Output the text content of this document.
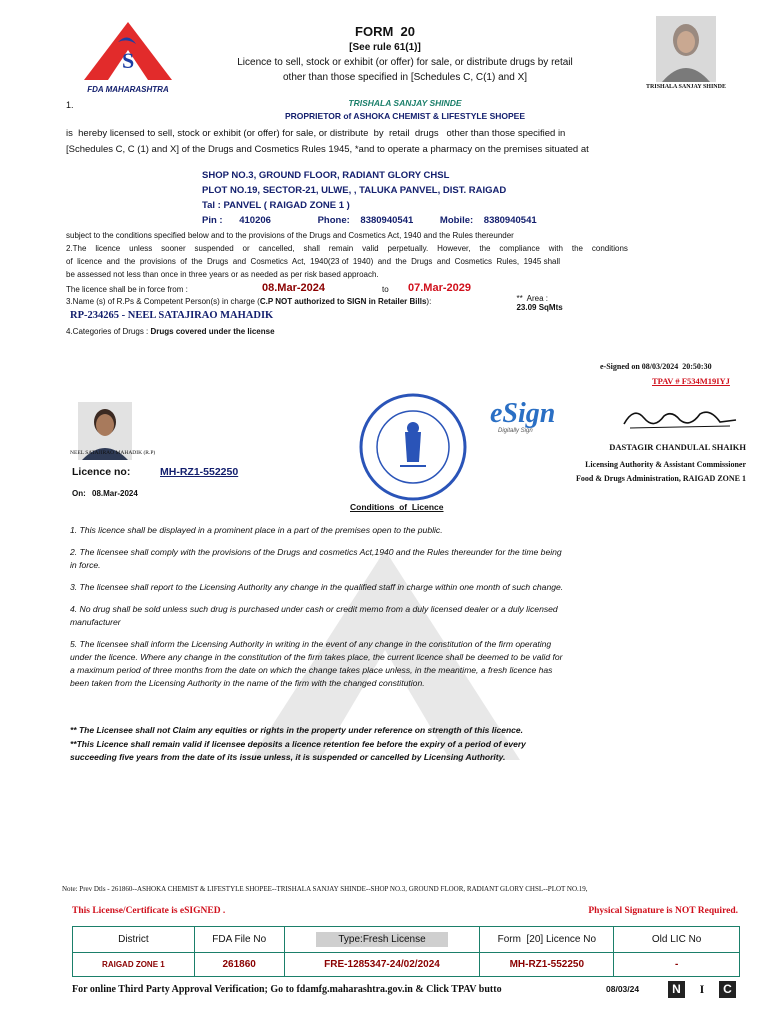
S
FDA MAHARASHTRA
FORM  20
[See rule 61(1)]
Licence to sell, stock or exhibit (or offer) for sale, or distribute drugs by retail
other than those specified in [Schedules C, C(1) and X]
TRISHALA SANJAY SHINDE
1.	TRISHALA SANJAY SHINDE
PROPRIETOR of ASHOKA CHEMIST & LIFESTYLE SHOPEE
is  hereby licensed to sell, stock or exhibit (or offer) for sale, or distribute  by  retail  drugs   other than those specified in
[Schedules C, C (1) and X] of the Drugs and Cosmetics Rules 1945, *and to operate a pharmacy on the premises situated at
SHOP NO.3, GROUND FLOOR, RADIANT GLORY CHSL
PLOT NO.19, SECTOR-21, ULWE, , TALUKA PANVEL, DIST. RAIGAD
Tal : PANVEL ( RAIGAD ZONE 1 )
Pin : 410206	Phone: 8380940541	Mobile: 8380940541
subject to the conditions specified below and to the provisions of the Drugs and Cosmetics Act, 1940 and the Rules thereunder
2.The    licence    unless    sooner    suspended    or    cancelled,    shall    remain    valid    perpetually.    However,    the    compliance    with    the    conditions
of  licence  and  the  provisions  of  the  Drugs  and  Cosmetics  Act,  1940(23 of  1940)  and  the  Drugs  and  Cosmetics  Rules,  1945 shall
be assessed not less than once in three years or as needed as per risk based approach.
The licence shall be in force from :	08.Mar-2024	to 07.Mar-2029

**  Area :
23.09 SqMts

3.Name (s) of R.Ps & Competent Person(s) in charge (C.P NOT authorized to SIGN in Retailer Bills):
RP-234265 - NEEL SATAJIRAO MAHADIK
4.Categories of Drugs : Drugs covered under the license
e-Signed on 08/03/2024  20:50:30
TPAV # F534M19IYJ
NEEL SATAJIRAO MAHADIK (R.P)
eSign
Digitally Sign
DASTAGIR CHANDULAL SHAIKH
Licensing Authority & Assistant Commissioner
Food & Drugs Administration, RAIGAD ZONE 1
Licence no:	MH-RZ1-552250
On: 08.Mar-2024
Conditions  of  Licence

1. This licence shall be displayed in a prominent place in a part of the premises open to the public.

2. The licensee shall comply with the provisions of the Drugs and cosmetics Act,1940 and the Rules thereunder for the time being in force.

3. The licensee shall report to the Licensing Authority any change in the qualified staff in charge within one month of such change.

4. No drug shall be sold unless such drug is purchased under cash or credit memo from a duly licensed dealer or a duly licensed manufacturer

5. The licensee shall inform the Licensing Authority in writing in the event of any change in the constitution of the firm operating under the licence. Where any change in the constitution of the firm takes place, the current licence shall be deemed to be valid for a maximum period of three months from the date on which the change takes place unless, in the meantime, a fresh licence has been taken from the Licensing Authority in the name of the firm with the changed constitution.

** The Licensee shall not Claim any equities or rights in the property under reference on strength of this licence.
**This Licence shall remain valid if licensee deposits a licence retention fee before the expiry of a period of every
succeeding five years from the date of its issue unless, it is suspended or cancelled by Licensing Authority.
Note: Prev Dtls - 261860--ASHOKA CHEMIST & LIFESTYLE SHOPEE--TRISHALA SANJAY SHINDE--SHOP NO.3, GROUND FLOOR, RADIANT GLORY CHSL--PLOT NO.19,
This License/Certificate is eSIGNED .	Physical Signature is NOT Required.
District	FDA File No	Type:Fresh License	Form  [20] Licence No	Old LIC No
RAIGAD ZONE 1	261860	FRE-1285347-24/02/2024	MH-RZ1-552250	-
For online Third Party Approval Verification; Go to fdamfg.maharashtra.gov.in & Click TPAV butto	08/03/24	N I C
